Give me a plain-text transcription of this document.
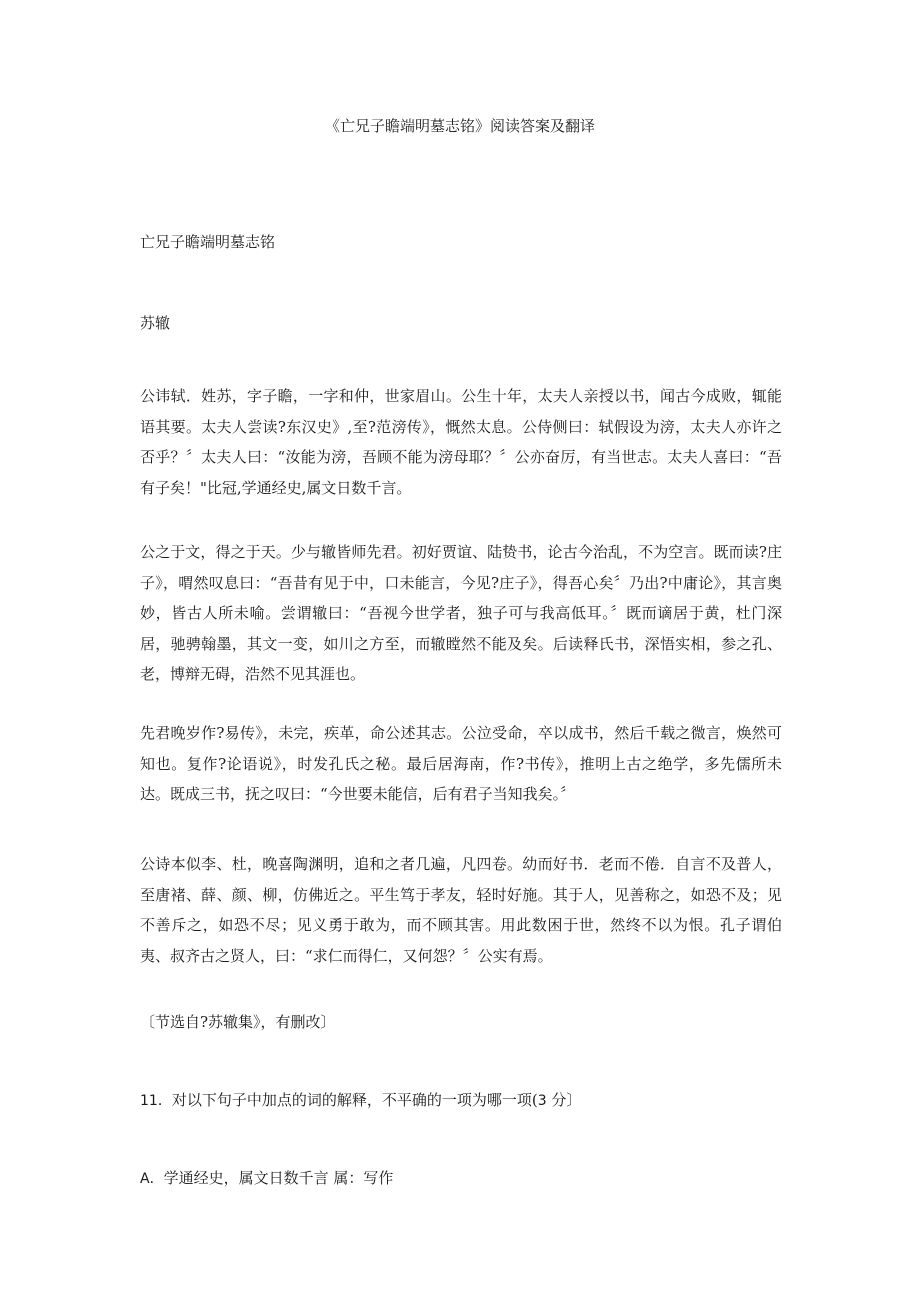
《亡兄子瞻端明墓志铭》阅读答案及翻译

亡兄子瞻端明墓志铭

苏辙

公讳轼．姓苏，字子瞻，一字和仲，世家眉山。公生十年，太夫人亲授以书，闻古今成败，辄能语其要。太夫人尝读?东汉史》,至?范滂传》，慨然太息。公侍侧曰：轼假设为滂，太夫人亦许之否乎？〞太夫人曰：“汝能为滂，吾顾不能为滂母耶？〞公亦奋厉，有当世志。太夫人喜曰：“吾有子矣！"比冠,学通经史,属文日数千言。

公之于文，得之于天。少与辙皆师先君。初好贾谊、陆贽书，论古今治乱，不为空言。既而读?庄子》，喟然叹息曰：“吾昔有见于中，口未能言，今见?庄子》，得吾心矣〞乃出?中庸论》，其言奥妙，皆古人所未喻。尝谓辙曰：“吾视今世学者，独子可与我高低耳。〞既而谪居于黄，杜门深居，驰骋翰墨，其文一变，如川之方至，而辙瞠然不能及矣。后读释氏书，深悟实相，参之孔、老，博辩无碍，浩然不见其涯也。

先君晚岁作?易传》，未完，疾革，命公述其志。公泣受命，卒以成书，然后千载之微言，焕然可知也。复作?论语说》，时发孔氏之秘。最后居海南，作?书传》，推明上古之绝学，多先儒所未达。既成三书，抚之叹曰：“今世要未能信，后有君子当知我矣。〞

公诗本似李、杜，晚喜陶渊明，追和之者几遍，凡四卷。幼而好书．老而不倦．自言不及普人，至唐褚、薛、颜、柳，仿佛近之。平生笃于孝友，轻时好施。其于人，见善称之，如恐不及；见不善斥之，如恐不尽；见义勇于敢为，而不顾其害。用此数困于世，然终不以为恨。孔子谓伯夷、叔齐古之贤人，曰：“求仁而得仁，又何怨？〞公实有焉。

〔节选自?苏辙集》，有删改〕

11．对以下句子中加点的词的解释，不平确的一项为哪一项(3 分〕

A．学通经史，属文日数千言 属：写作
